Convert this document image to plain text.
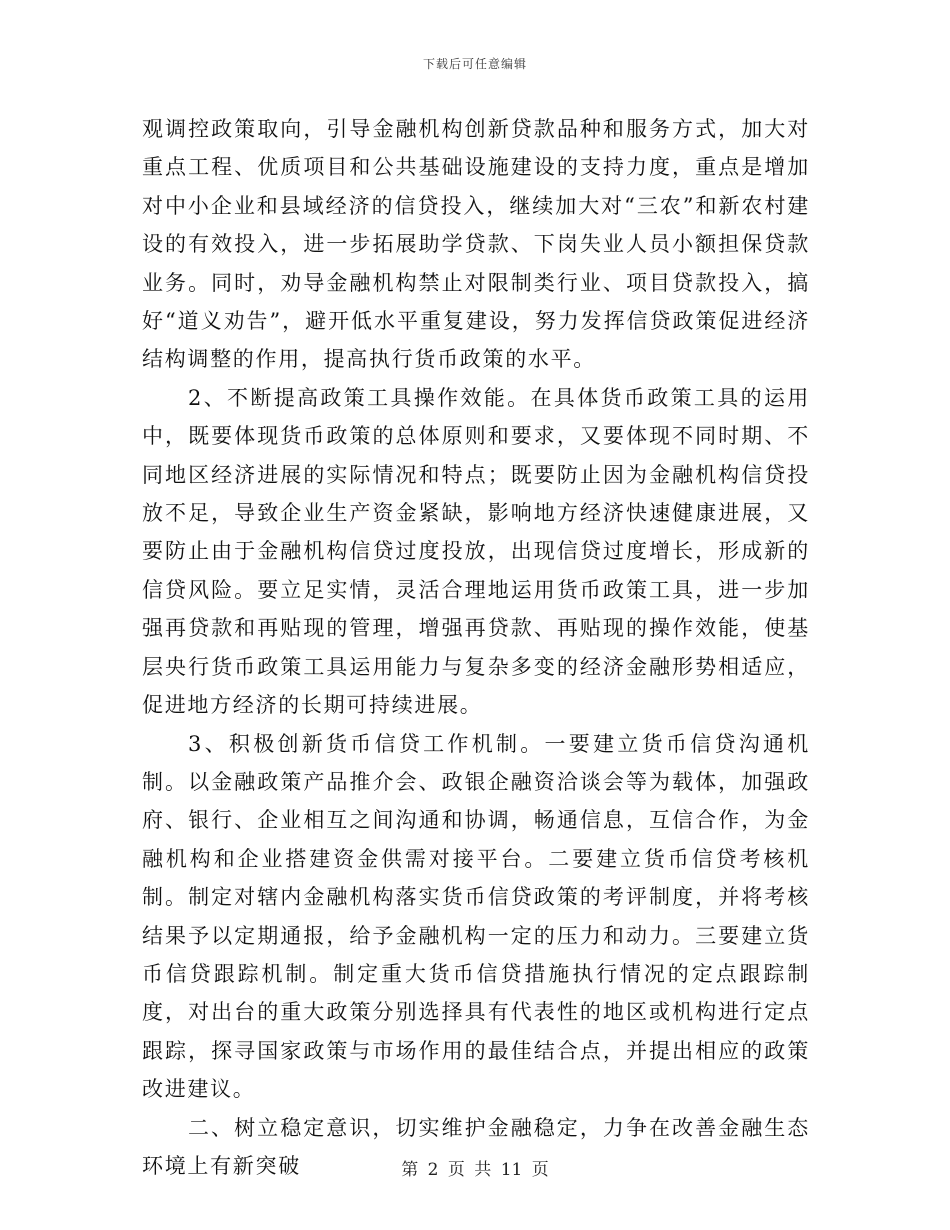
下载后可任意编辑

观调控政策取向，引导金融机构创新贷款品种和服务方式，加大对重点工程、优质项目和公共基础设施建设的支持力度，重点是增加对中小企业和县域经济的信贷投入，继续加大对“三农”和新农村建设的有效投入，进一步拓展助学贷款、下岗失业人员小额担保贷款业务。同时，劝导金融机构禁止对限制类行业、项目贷款投入，搞好“道义劝告”，避开低水平重复建设，努力发挥信贷政策促进经济结构调整的作用，提高执行货币政策的水平。

2、不断提高政策工具操作效能。在具体货币政策工具的运用中，既要体现货币政策的总体原则和要求，又要体现不同时期、不同地区经济进展的实际情况和特点；既要防止因为金融机构信贷投放不足，导致企业生产资金紧缺，影响地方经济快速健康进展，又要防止由于金融机构信贷过度投放，出现信贷过度增长，形成新的信贷风险。要立足实情，灵活合理地运用货币政策工具，进一步加强再贷款和再贴现的管理，增强再贷款、再贴现的操作效能，使基层央行货币政策工具运用能力与复杂多变的经济金融形势相适应，促进地方经济的长期可持续进展。

3、积极创新货币信贷工作机制。一要建立货币信贷沟通机制。以金融政策产品推介会、政银企融资洽谈会等为载体，加强政府、银行、企业相互之间沟通和协调，畅通信息，互信合作，为金融机构和企业搭建资金供需对接平台。二要建立货币信贷考核机制。制定对辖内金融机构落实货币信贷政策的考评制度，并将考核结果予以定期通报，给予金融机构一定的压力和动力。三要建立货币信贷跟踪机制。制定重大货币信贷措施执行情况的定点跟踪制度，对出台的重大政策分别选择具有代表性的地区或机构进行定点跟踪，探寻国家政策与市场作用的最佳结合点，并提出相应的政策改进建议。

二、树立稳定意识，切实维护金融稳定，力争在改善金融生态环境上有新突破	第 2 页 共 11 页
